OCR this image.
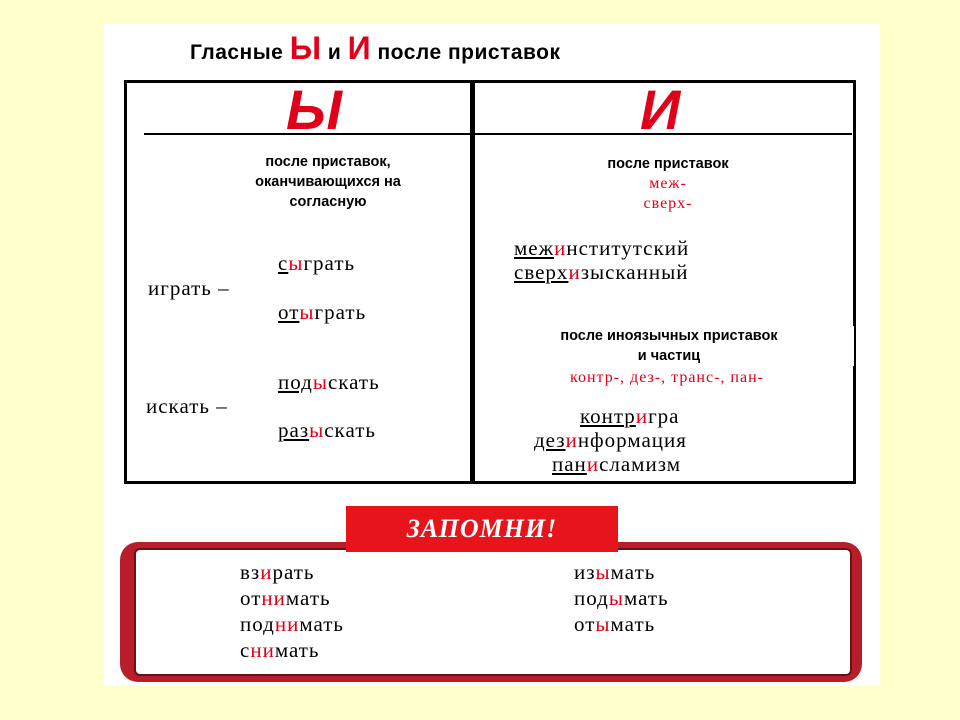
Гласные Ы и И после приставок
Ы	И
после приставок,
оканчивающихся на
согласную
сыграть
играть –
отыграть
подыскать
искать –
разыскать
после приставок
меж-
сверх-
межинститутский
сверхизысканный
после иноязычных приставок
и частиц
контр-, дез-, транс-, пан-
контригра
дезинформация
панисламизм
ЗАПОМНИ!
взирать
отнимать
поднимать
снимать
изымать
подымать
отымать
